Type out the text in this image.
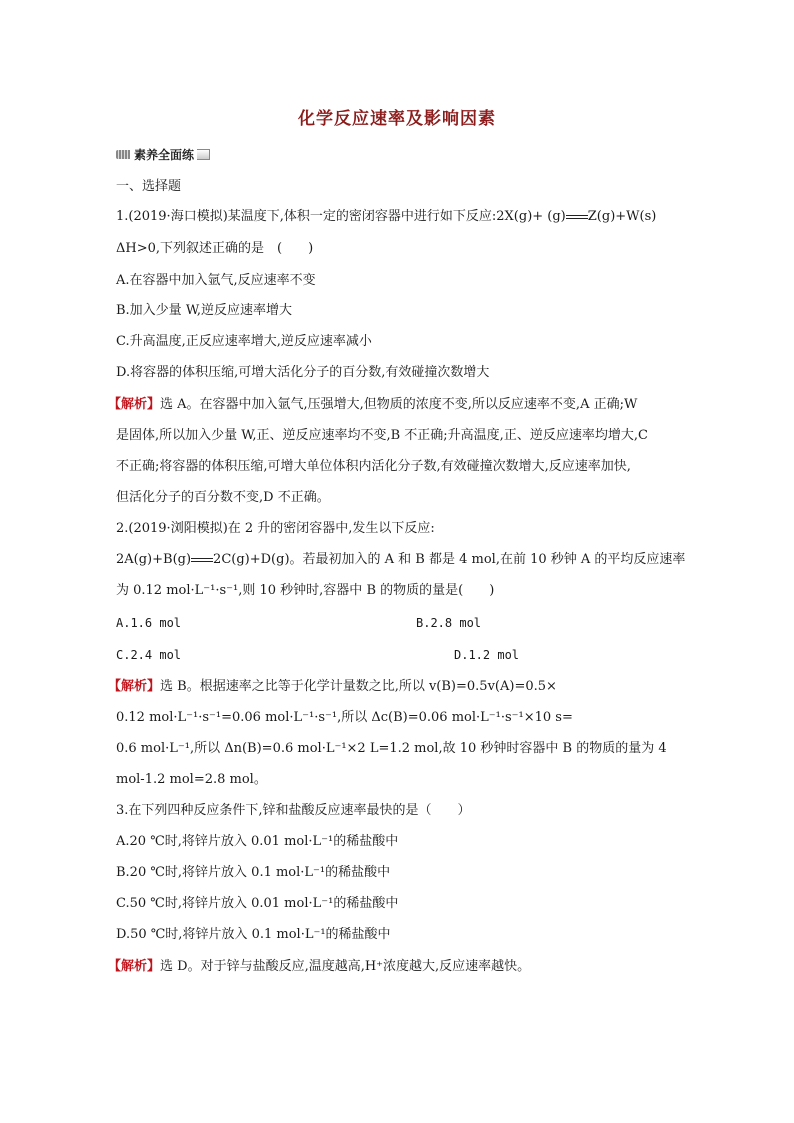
化学反应速率及影响因素
素养全面练
一、选择题
1.(2019·海口模拟)某温度下,体积一定的密闭容器中进行如下反应:2X(g)+ (g) Z(g)+W(s)
ΔH>0,下列叙述正确的是　(　　)
A.在容器中加入氩气,反应速率不变
B.加入少量 W,逆反应速率增大
C.升高温度,正反应速率增大,逆反应速率减小
D.将容器的体积压缩,可增大活化分子的百分数,有效碰撞次数增大
【解析】选 A。在容器中加入氩气,压强增大,但物质的浓度不变,所以反应速率不变,A 正确;W
是固体,所以加入少量 W,正、逆反应速率均不变,B 不正确;升高温度,正、逆反应速率均增大,C
不正确;将容器的体积压缩,可增大单位体积内活化分子数,有效碰撞次数增大,反应速率加快,
但活化分子的百分数不变,D 不正确。
2.(2019·浏阳模拟)在 2 升的密闭容器中,发生以下反应:
2A(g)+B(g) 2C(g)+D(g)。若最初加入的 A 和 B 都是 4 mol,在前 10 秒钟 A 的平均反应速率
为 0.12 mol·L⁻¹·s⁻¹,则 10 秒钟时,容器中 B 的物质的量是(　　)
A.1.6 mol	B.2.8 mol
C.2.4 mol	D.1.2 mol
【解析】选 B。根据速率之比等于化学计量数之比,所以 v(B)=0.5v(A)=0.5×
0.12 mol·L⁻¹·s⁻¹=0.06 mol·L⁻¹·s⁻¹,所以 Δc(B)=0.06 mol·L⁻¹·s⁻¹×10 s=
0.6 mol·L⁻¹,所以 Δn(B)=0.6 mol·L⁻¹×2 L=1.2 mol,故 10 秒钟时容器中 B 的物质的量为 4
mol-1.2 mol=2.8 mol。
3.在下列四种反应条件下,锌和盐酸反应速率最快的是（　　）
A.20 ℃时,将锌片放入 0.01 mol·L⁻¹的稀盐酸中
B.20 ℃时,将锌片放入 0.1 mol·L⁻¹的稀盐酸中
C.50 ℃时,将锌片放入 0.01 mol·L⁻¹的稀盐酸中
D.50 ℃时,将锌片放入 0.1 mol·L⁻¹的稀盐酸中
【解析】选 D。对于锌与盐酸反应,温度越高,H⁺浓度越大,反应速率越快。
